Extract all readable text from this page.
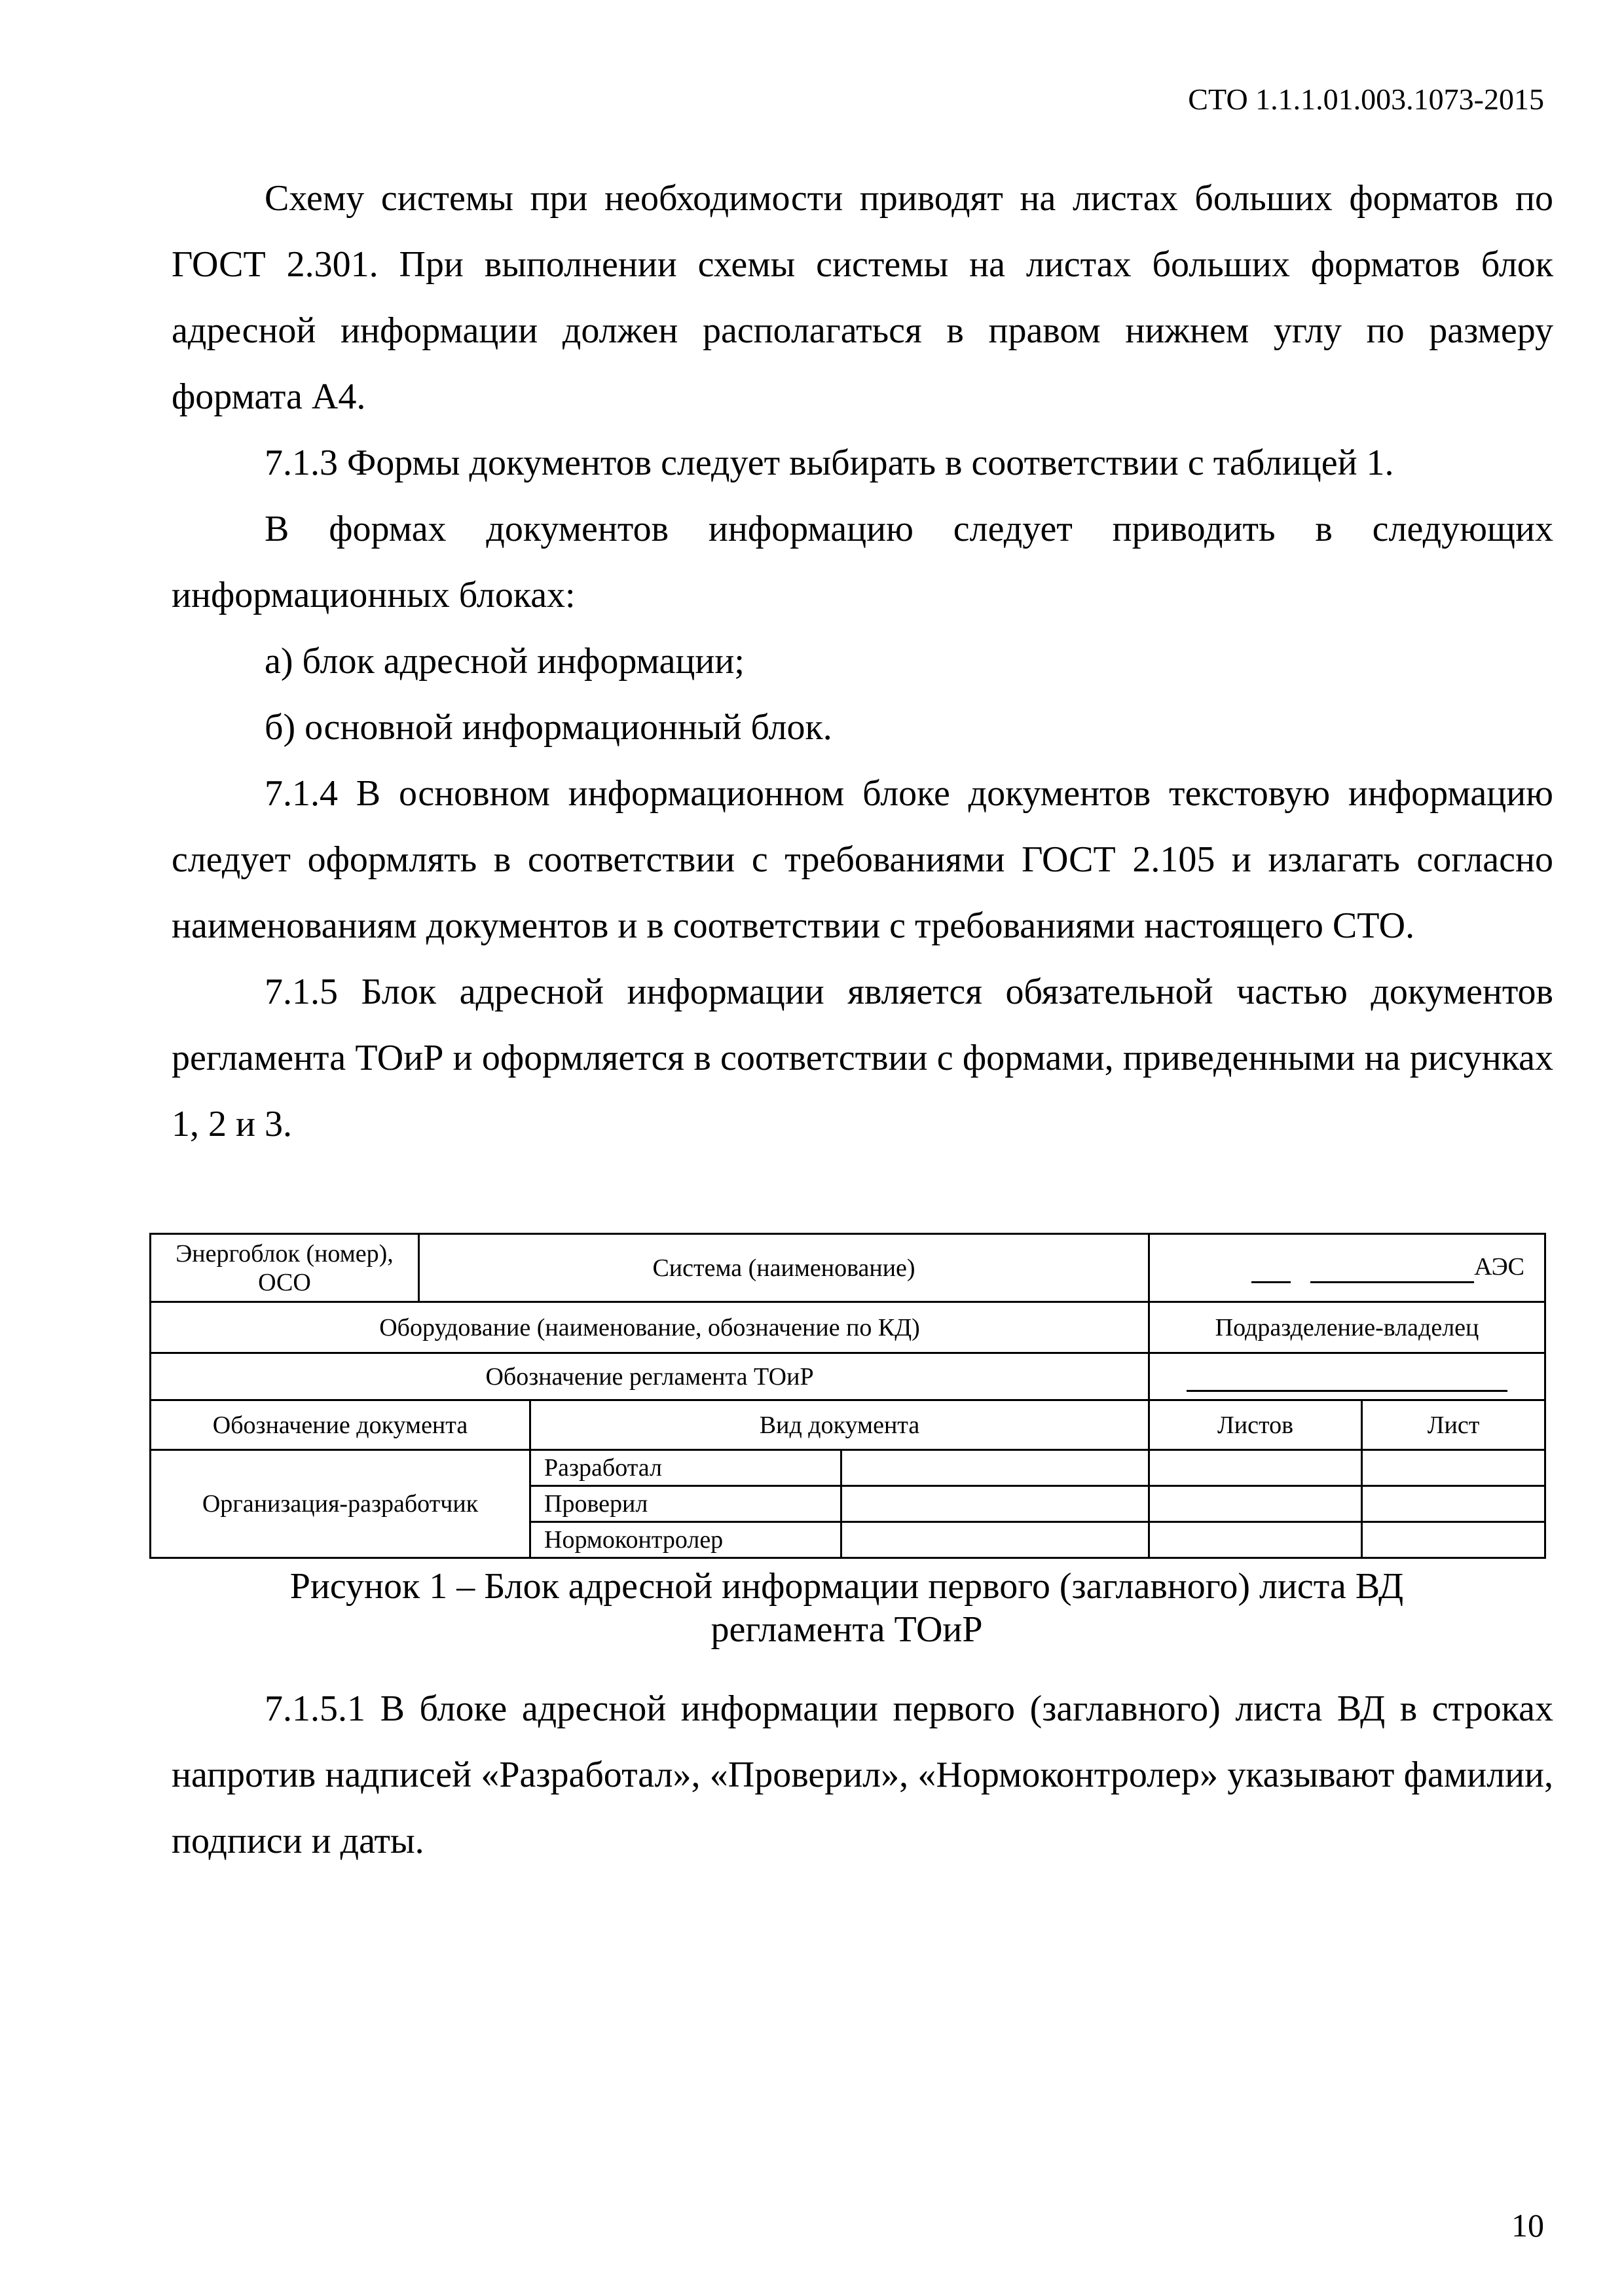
СТО 1.1.1.01.003.1073-2015

Схему системы при необходимости приводят на листах больших форматов по ГОСТ 2.301. При выполнении схемы системы на листах больших форматов блок адресной информации должен располагаться в правом нижнем углу по размеру формата А4.

7.1.3 Формы документов следует выбирать в соответствии с таблицей 1.

В формах документов информацию следует приводить в следующих информационных блоках:

а) блок адресной информации;

б) основной информационный блок.

7.1.4 В основном информационном блоке документов текстовую информацию следует оформлять в соответствии с требованиями ГОСТ 2.105 и излагать согласно наименованиям документов и в соответствии с требованиями настоящего СТО.

7.1.5 Блок адресной информации является обязательной частью документов регламента ТОиР и оформляется в соответствии с формами, приведенными на рисунках 1, 2 и 3.

Энергоблок (номер), ОСО	Система (наименование)			АЭС	
Оборудование (наименование, обозначение по КД)				Подразделение-владелец	
Обозначение регламента ТОиР					
Обозначение документа		Вид документа		Листов	Лист
Организация-разработчик		Разработал			
		Проверил			
		Нормоконтролер			
Рисунок 1 – Блок адресной информации первого (заглавного) листа ВД
регламента ТОиР

7.1.5.1 В блоке адресной информации первого (заглавного) листа ВД в строках напротив надписей «Разработал», «Проверил», «Нормоконтролер» указывают фамилии, подписи и даты.

10
